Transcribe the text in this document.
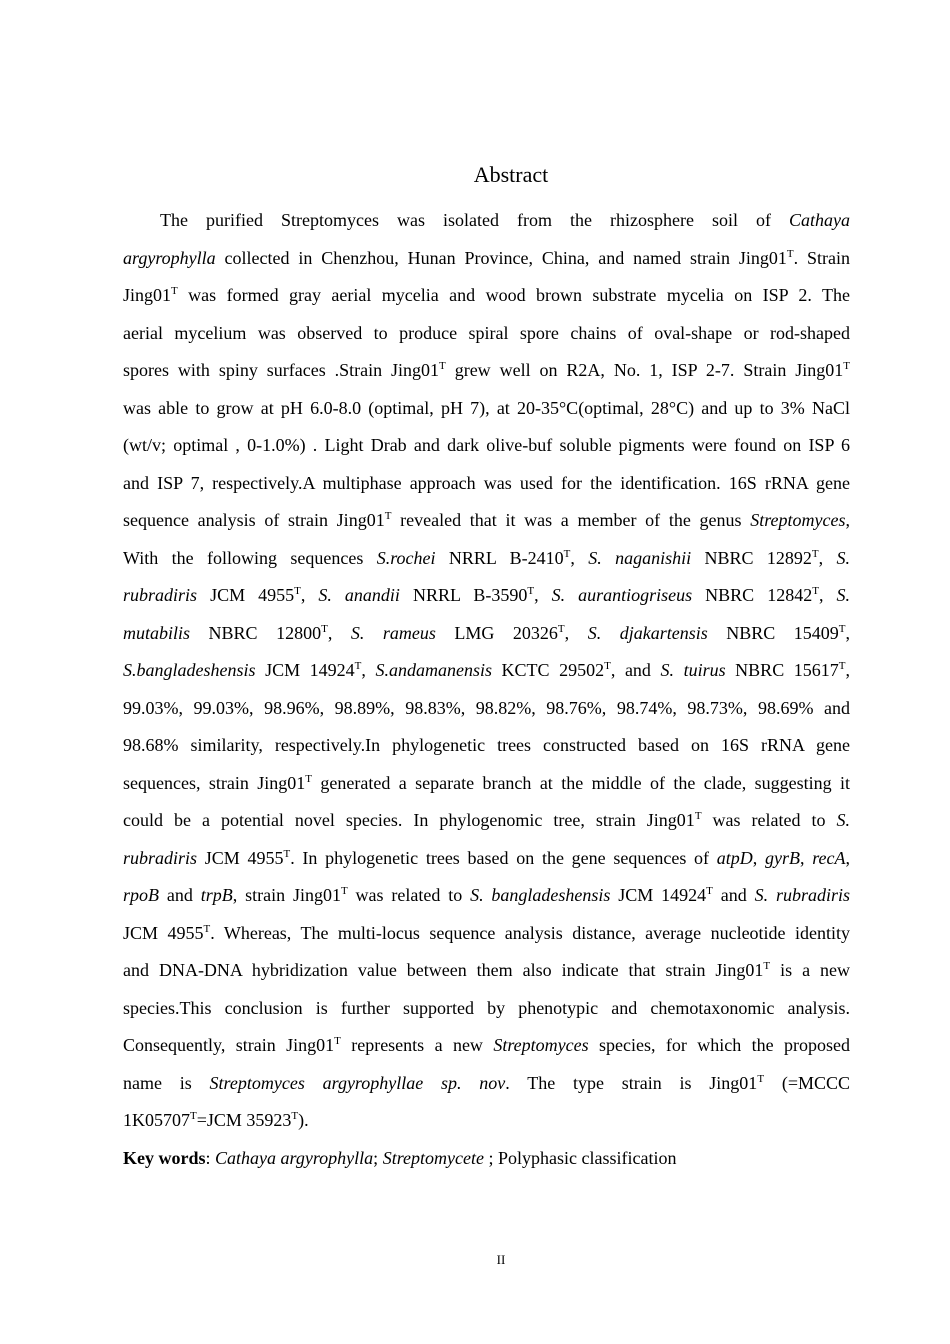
Abstract
The purified Streptomyces was isolated from the rhizosphere soil of Cathaya
argyrophylla collected in Chenzhou, Hunan Province, China, and named strain $Jing01^T$. Strain
$Jing01^T$ was formed gray aerial mycelia and wood brown substrate mycelia on ISP 2. The
aerial mycelium was observed to produce spiral spore chains of oval-shape or rod-shaped
spores with spiny surfaces .Strain $Jing01^T$ grew well on R2A, No. 1, ISP 2-7. Strain $Jing01^T$
was able to grow at pH 6.0-8.0 (optimal, pH 7), at 20-35°C(optimal, 28°C) and up to 3% NaCl
(wt/v; optimal , 0-1.0%) . Light Drab and dark olive-buf soluble pigments were found on ISP 6
and ISP 7, respectively.A multiphase approach was used for the identification. 16S rRNA gene
sequence analysis of strain $Jing01^T$ revealed that it was a member of the genus Streptomyces,
With the following sequences S.rochei NRRL $B-2410^T$, S. naganishii NBRC $12892^T$, S.
rubradiris JCM $4955^T$, S. anandii NRRL $B-3590^T$, S. aurantiogriseus NBRC $12842^T$, S.
mutabilis NBRC $12800^T$, S. rameus LMG $20326^T$, S. djakartensis NBRC $15409^T$,
S.bangladeshensis JCM $14924^T$, S.andamanensis KCTC $29502^T$, and S. tuirus NBRC $15617^T$,
99.03%, 99.03%, 98.96%, 98.89%, 98.83%, 98.82%, 98.76%, 98.74%, 98.73%, 98.69% and
98.68% similarity, respectively.In phylogenetic trees constructed based on 16S rRNA gene
sequences, strain $Jing01^T$ generated a separate branch at the middle of the clade, suggesting it
could be a potential novel species. In phylogenomic tree, strain $Jing01^T$ was related to S.
rubradiris JCM $4955^T$. In phylogenetic trees based on the gene sequences of atpD, gyrB, recA,
rpoB and trpB, strain $Jing01^T$ was related to S. bangladeshensis JCM $14924^T$ and S. rubradiris
JCM $4955^T$. Whereas, The multi-locus sequence analysis distance, average nucleotide identity
and DNA-DNA hybridization value between them also indicate that strain $Jing01^T$ is a new
species.This conclusion is further supported by phenotypic and chemotaxonomic analysis.
Consequently, strain $Jing01^T$ represents a new Streptomyces species, for which the proposed
name is Streptomyces argyrophyllae sp. nov. The type strain is $Jing01^T$ (=MCCC
$1K05707^T=JCM$ $35923^T$).
Key words: Cathaya argyrophylla; Streptomycete ; Polyphasic classification
II
